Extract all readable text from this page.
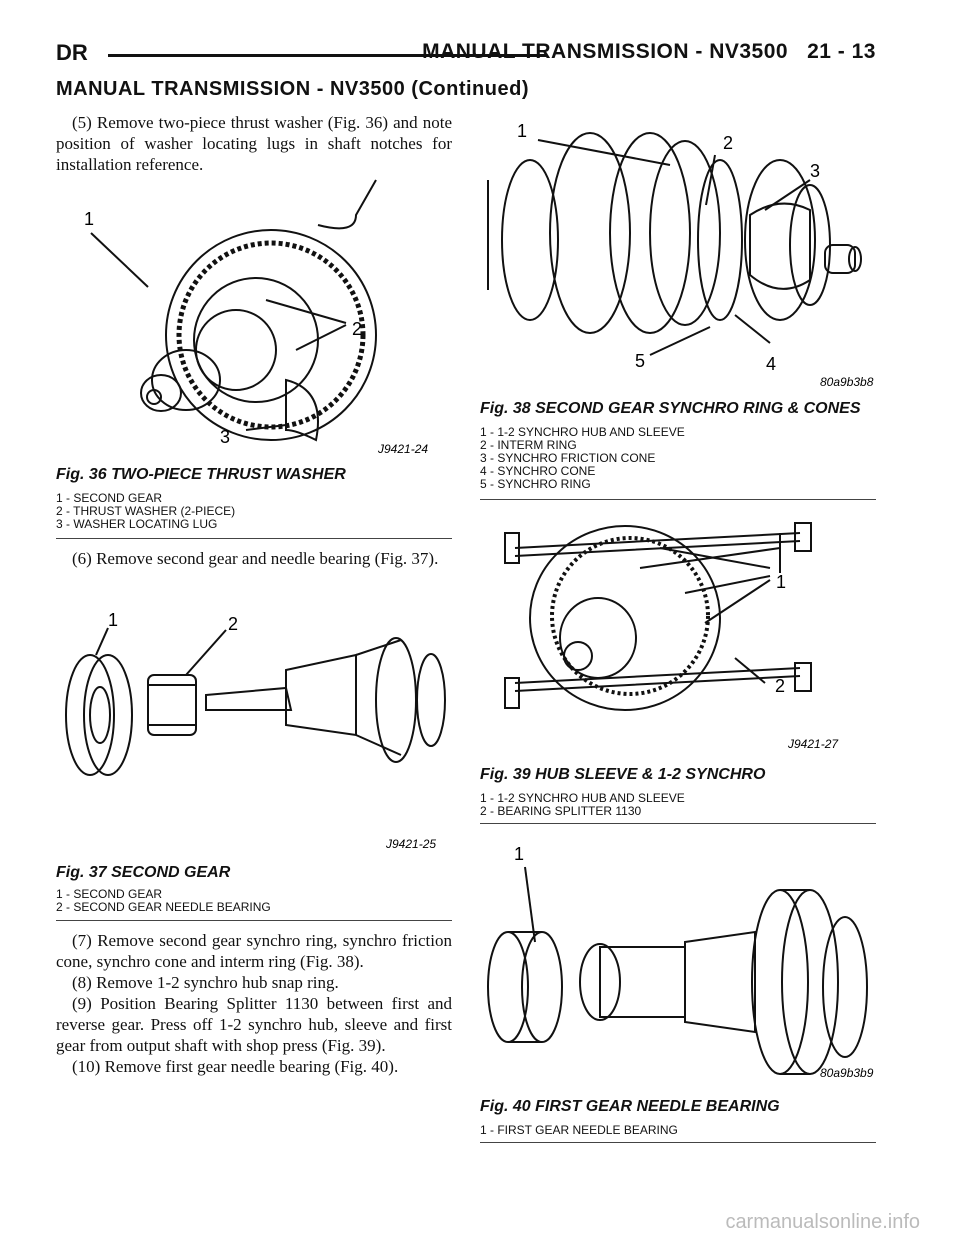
DR	MANUAL TRANSMISSION - NV3500 21 - 13
MANUAL TRANSMISSION - NV3500 (Continued)

(5) Remove two-piece thrust washer (Fig. 36) and note position of washer locating lugs in shaft notches for installation reference.

1
2
3
J9421-24
Fig. 36 TWO-PIECE THRUST WASHER
1 - SECOND GEAR
2 - THRUST WASHER (2-PIECE)
3 - WASHER LOCATING LUG

(6) Remove second gear and needle bearing (Fig. 37).

1	2
J9421-25
Fig. 37 SECOND GEAR
1 - SECOND GEAR
2 - SECOND GEAR NEEDLE BEARING

(7) Remove second gear synchro ring, synchro friction cone, synchro cone and interm ring (Fig. 38).

(8) Remove 1-2 synchro hub snap ring.

(9) Position Bearing Splitter 1130 between first and reverse gear. Press off 1-2 synchro hub, sleeve and first gear from output shaft with shop press (Fig. 39).

(10) Remove first gear needle bearing (Fig. 40).

1
2
3
4
5
80a9b3b8
Fig. 38 SECOND GEAR SYNCHRO RING & CONES
1 - 1-2 SYNCHRO HUB AND SLEEVE
2 - INTERM RING
3 - SYNCHRO FRICTION CONE
4 - SYNCHRO CONE
5 - SYNCHRO RING
1
2
J9421-27
Fig. 39 HUB SLEEVE & 1-2 SYNCHRO
1 - 1-2 SYNCHRO HUB AND SLEEVE
2 - BEARING SPLITTER 1130
1
80a9b3b9
Fig. 40 FIRST GEAR NEEDLE BEARING
1 - FIRST GEAR NEEDLE BEARING
carmanualsonline.info
